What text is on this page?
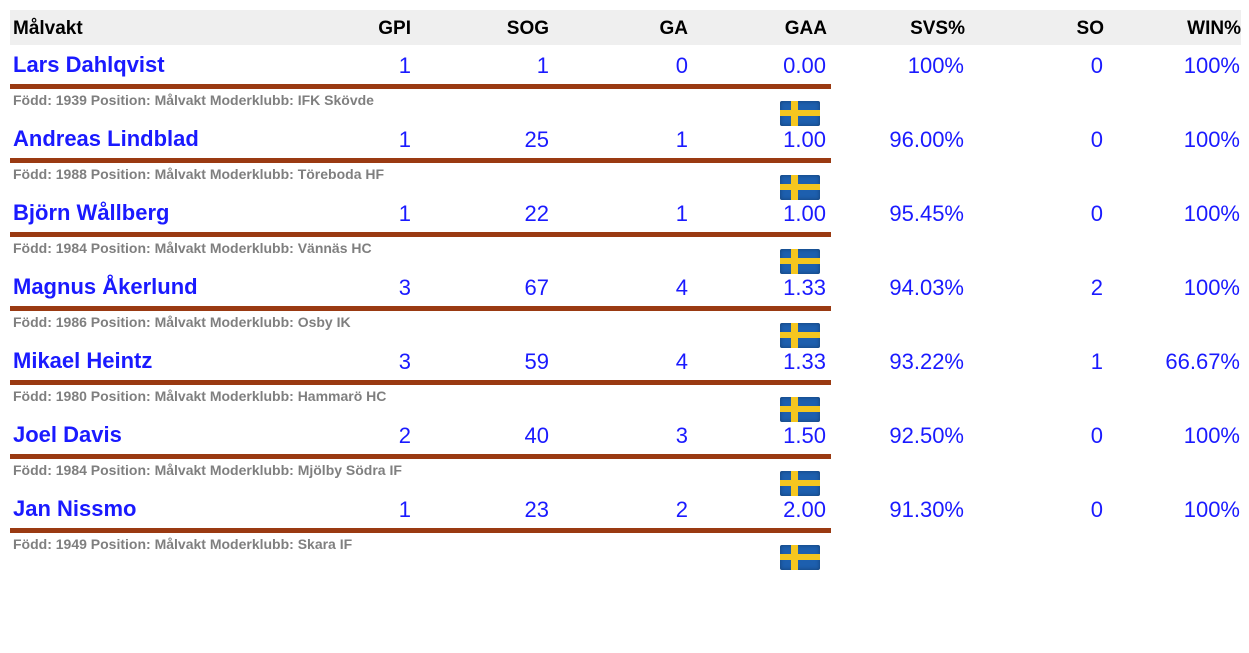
Målvakt	GPI	SOG	GA	GAA	SVS%	SO	WIN%
Lars Dahlqvist	1	1	0	0.00	100%	0	100%
Född: 1939 Position: Målvakt Moderklubb: IFK Skövde
Andreas Lindblad	1	25	1	1.00	96.00%	0	100%
Född: 1988 Position: Målvakt Moderklubb: Töreboda HF
Björn Wållberg	1	22	1	1.00	95.45%	0	100%
Född: 1984 Position: Målvakt Moderklubb: Vännäs HC
Magnus Åkerlund	3	67	4	1.33	94.03%	2	100%
Född: 1986 Position: Målvakt Moderklubb: Osby IK
Mikael Heintz	3	59	4	1.33	93.22%	1	66.67%
Född: 1980 Position: Målvakt Moderklubb: Hammarö HC
Joel Davis	2	40	3	1.50	92.50%	0	100%
Född: 1984 Position: Målvakt Moderklubb: Mjölby Södra IF
Jan Nissmo	1	23	2	2.00	91.30%	0	100%
Född: 1949 Position: Målvakt Moderklubb: Skara IF
